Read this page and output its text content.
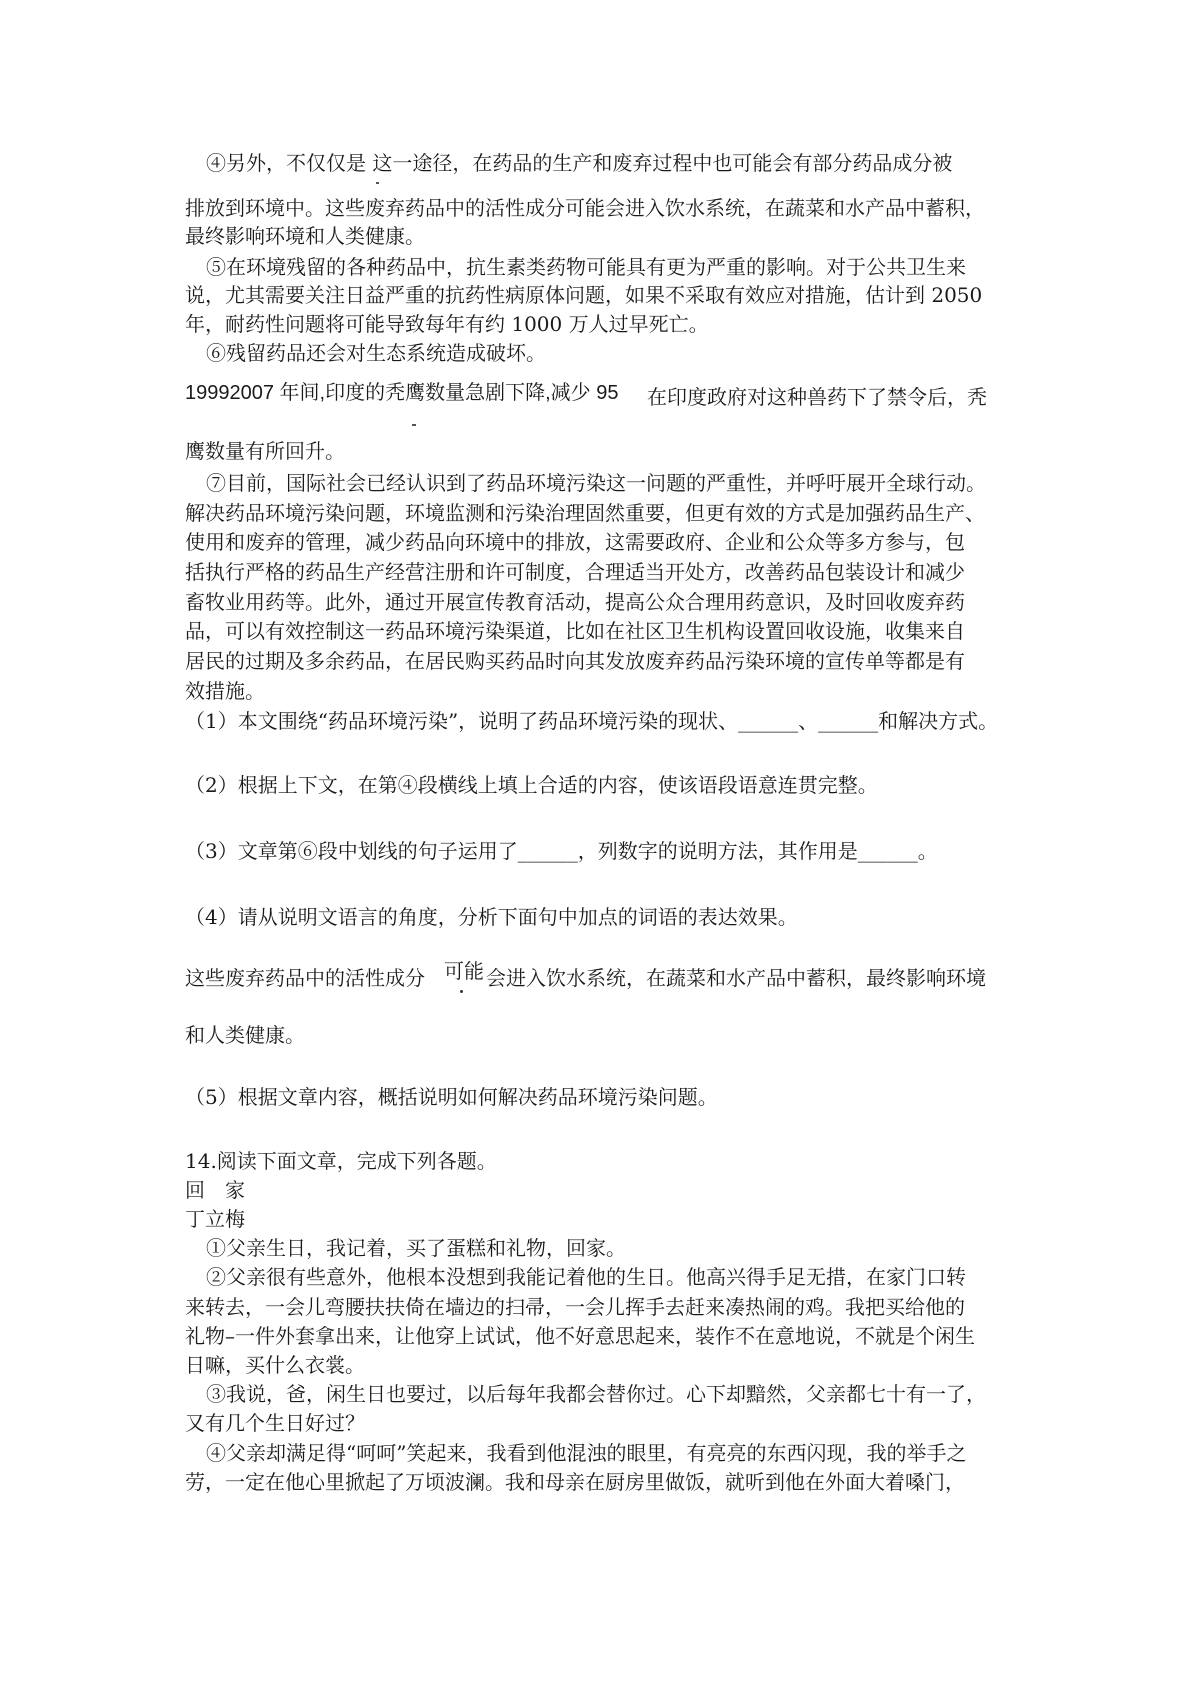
④另外，不仅仅是 这一途径，在药品的生产和废弃过程中也可能会有部分药品成分被
排放到环境中。这些废弃药品中的活性成分可能会进入饮水系统，在蔬菜和水产品中蓄积，
最终影响环境和人类健康。
⑤在环境残留的各种药品中，抗生素类药物可能具有更为严重的影响。对于公共卫生来
说，尤其需要关注日益严重的抗药性病原体问题，如果不采取有效应对措施，估计到 2050
年，耐药性问题将可能导致每年有约 1000 万人过早死亡。
⑥残留药品还会对生态系统造成破坏。
19992007 年间,印度的秃鹰数量急剧下降,减少 95 在印度政府对这种兽药下了禁令后，秃
鹰数量有所回升。
⑦目前，国际社会已经认识到了药品环境污染这一问题的严重性，并呼吁展开全球行动。
解决药品环境污染问题，环境监测和污染治理固然重要，但更有效的方式是加强药品生产、
使用和废弃的管理，减少药品向环境中的排放，这需要政府、企业和公众等多方参与，包
括执行严格的药品生产经营注册和许可制度，合理适当开处方，改善药品包装设计和减少
畜牧业用药等。此外，通过开展宣传教育活动，提高公众合理用药意识，及时回收废弃药
品，可以有效控制这一药品环境污染渠道，比如在社区卫生机构设置回收设施，收集来自
居民的过期及多余药品，在居民购买药品时向其发放废弃药品污染环境的宣传单等都是有
效措施。
（1）本文围绕“药品环境污染”，说明了药品环境污染的现状、______、______和解决方式。
（2）根据上下文，在第④段横线上填上合适的内容，使该语段语意连贯完整。
（3）文章第⑥段中划线的句子运用了______，列数字的说明方法，其作用是______。
（4）请从说明文语言的角度，分析下面句中加点的词语的表达效果。
这些废弃药品中的活性成分 可能 会进入饮水系统，在蔬菜和水产品中蓄积，最终影响环境
和人类健康。
（5）根据文章内容，概括说明如何解决药品环境污染问题。
14.阅读下面文章，完成下列各题。
回　家
丁立梅
①父亲生日，我记着，买了蛋糕和礼物，回家。
②父亲很有些意外，他根本没想到我能记着他的生日。他高兴得手足无措，在家门口转
来转去，一会儿弯腰扶扶倚在墙边的扫帚，一会儿挥手去赶来凑热闹的鸡。我把买给他的
礼物–一件外套拿出来，让他穿上试试，他不好意思起来，装作不在意地说，不就是个闲生
日嘛，买什么衣裳。
③我说，爸，闲生日也要过，以后每年我都会替你过。心下却黯然，父亲都七十有一了，
又有几个生日好过？
④父亲却满足得“呵呵”笑起来，我看到他混浊的眼里，有亮亮的东西闪现，我的举手之
劳，一定在他心里掀起了万顷波澜。我和母亲在厨房里做饭，就听到他在外面大着嗓门，
